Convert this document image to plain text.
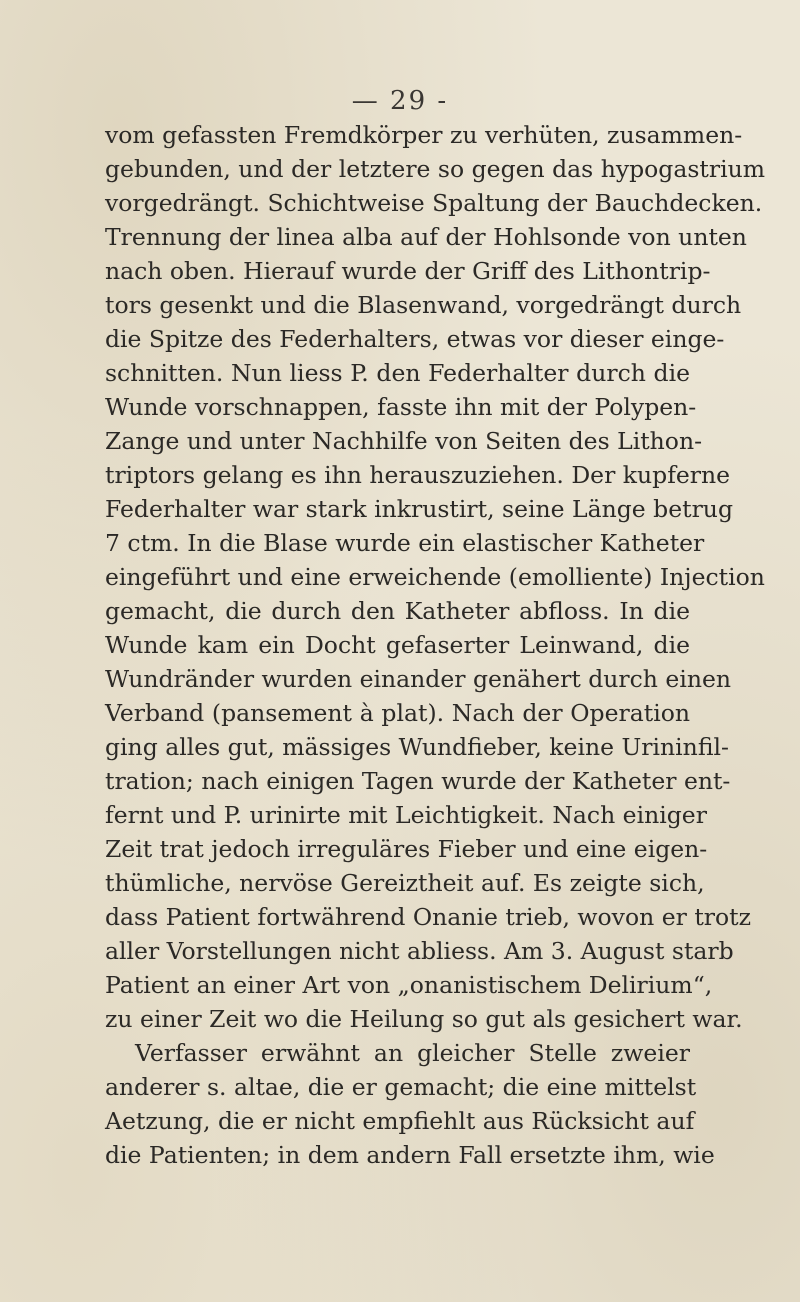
— 29 -
vom gefassten Fremdkörper zu verhüten, zusammen-
gebunden, und der letztere so gegen das hypogastrium
vorgedrängt. Schichtweise Spaltung der Bauchdecken.
Trennung der linea alba auf der Hohlsonde von unten
nach oben. Hierauf wurde der Griff des Lithontrip-
tors gesenkt und die Blasenwand, vorgedrängt durch
die Spitze des Federhalters, etwas vor dieser einge-
schnitten. Nun liess P. den Federhalter durch die
Wunde vorschnappen, fasste ihn mit der Polypen-
Zange und unter Nachhilfe von Seiten des Lithon-
triptors gelang es ihn herauszuziehen. Der kupferne
Federhalter war stark inkrustirt, seine Länge betrug
7 ctm. In die Blase wurde ein elastischer Katheter
eingeführt und eine erweichende (emolliente) Injection
gemacht, die durch den Katheter abfloss. In die
Wunde kam ein Docht gefaserter Leinwand, die
Wundränder wurden einander genähert durch einen
Verband (pansement à plat). Nach der Operation
ging alles gut, mässiges Wundfieber, keine Urininfil-
tration; nach einigen Tagen wurde der Katheter ent-
fernt und P. urinirte mit Leichtigkeit. Nach einiger
Zeit trat jedoch irreguläres Fieber und eine eigen-
thümliche, nervöse Gereiztheit auf. Es zeigte sich,
dass Patient fortwährend Onanie trieb, wovon er trotz
aller Vorstellungen nicht abliess. Am 3. August starb
Patient an einer Art von „onanistischem Delirium“,
zu einer Zeit wo die Heilung so gut als gesichert war.
Verfasser erwähnt an gleicher Stelle zweier
anderer s. altae, die er gemacht; die eine mittelst
Aetzung, die er nicht empfiehlt aus Rücksicht auf
die Patienten; in dem andern Fall ersetzte ihm, wie
